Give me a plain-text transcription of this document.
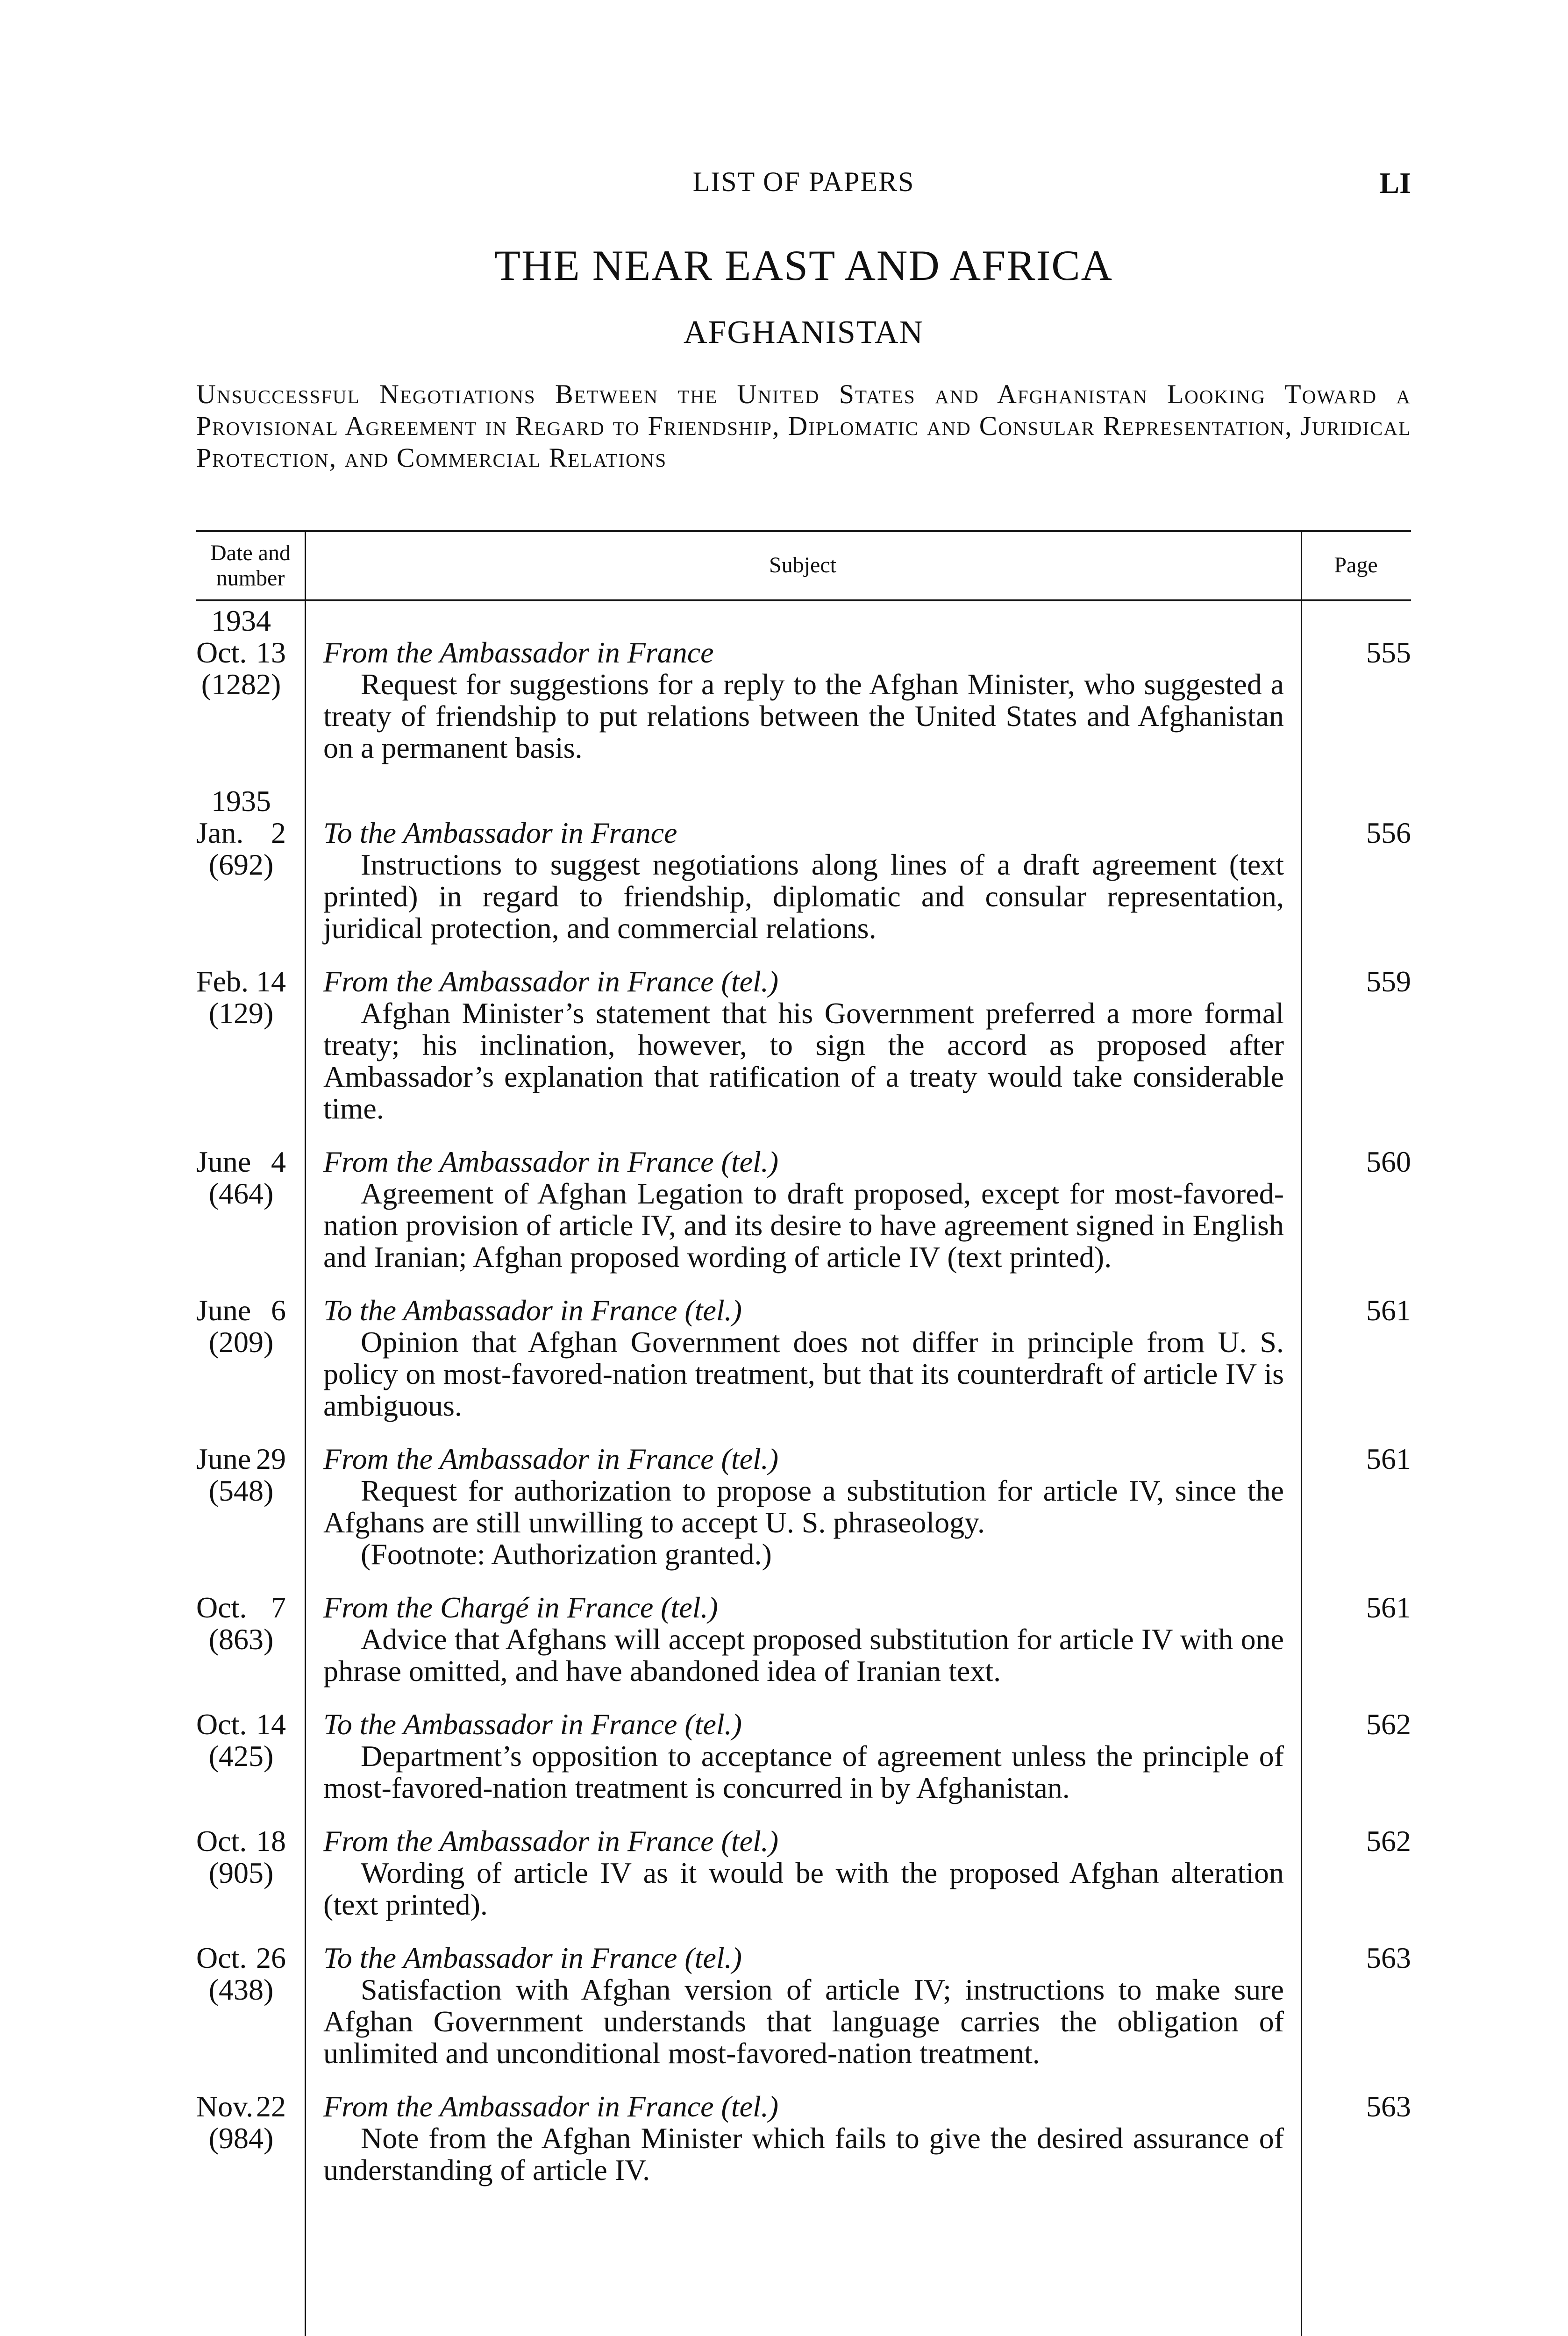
LIST OF PAPERS	LI
THE NEAR EAST AND AFRICA
AFGHANISTAN
Unsuccessful Negotiations Between the United States and Afghanistan Looking Toward a Provisional Agreement in Regard to Friendship, Diplomatic and Consular Representation, Juridical Protection, and Commercial Relations
Date and number
Subject	Page
1934
Oct. 13
(1282)
From the Ambassador in France
Request for suggestions for a reply to the Afghan Minister, who suggested a treaty of friendship to put relations between the United States and Afghanistan on a permanent basis.
555
1935
Jan. 2
(692)
To the Ambassador in France
Instructions to suggest negotiations along lines of a draft agreement (text printed) in regard to friendship, diplomatic and consular representation, juridical protection, and commercial relations.
556
Feb. 14
(129)
From the Ambassador in France (tel.)
Afghan Minister’s statement that his Government preferred a more formal treaty; his inclination, however, to sign the accord as proposed after Ambassador’s explanation that ratification of a treaty would take considerable time.
559
June 4
(464)
From the Ambassador in France (tel.)
Agreement of Afghan Legation to draft proposed, except for most-favored-nation provision of article IV, and its desire to have agreement signed in English and Iranian; Afghan proposed wording of article IV (text printed).
560
June 6
(209)
To the Ambassador in France (tel.)
Opinion that Afghan Government does not differ in principle from U. S. policy on most-favored-nation treatment, but that its counterdraft of article IV is ambiguous.
561
June 29
(548)
From the Ambassador in France (tel.)
Request for authorization to propose a substitution for article IV, since the Afghans are still unwilling to accept U. S. phraseology.
(Footnote: Authorization granted.)
561
Oct. 7
(863)
From the Chargé in France (tel.)
Advice that Afghans will accept proposed substitution for article IV with one phrase omitted, and have abandoned idea of Iranian text.
561
Oct. 14
(425)
To the Ambassador in France (tel.)
Department’s opposition to acceptance of agreement unless the principle of most-favored-nation treatment is concurred in by Afghanistan.
562
Oct. 18
(905)
From the Ambassador in France (tel.)
Wording of article IV as it would be with the proposed Afghan alteration (text printed).
562
Oct. 26
(438)
To the Ambassador in France (tel.)
Satisfaction with Afghan version of article IV; instructions to make sure Afghan Government understands that language carries the obligation of unlimited and unconditional most-favored-nation treatment.
563
Nov. 22
(984)
From the Ambassador in France (tel.)
Note from the Afghan Minister which fails to give the desired assurance of understanding of article IV.
563
